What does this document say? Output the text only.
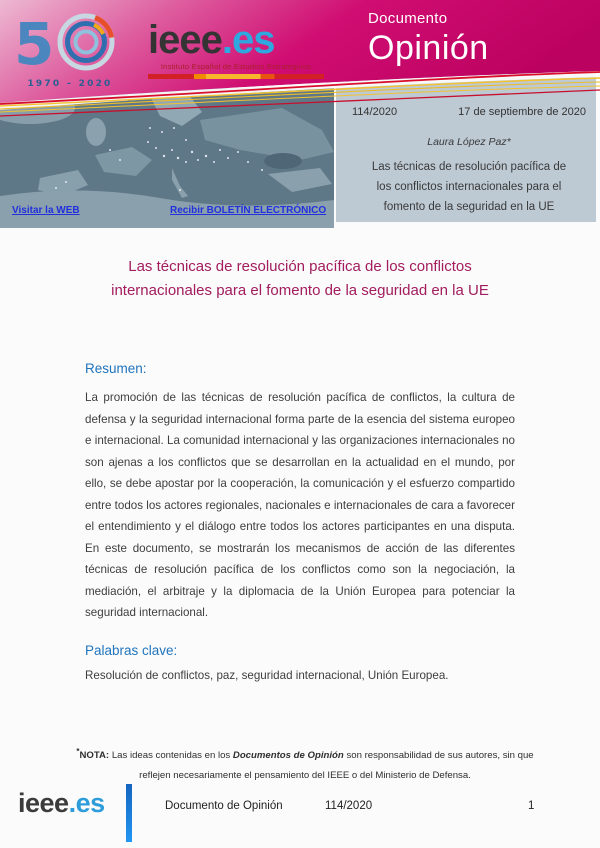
5
1970 – 2020
ieee.es
Instituto Español de Estudios Estratégicos
Documento
Opinión
Visitar la WEB	Recibir BOLETÍN ELECTRÓNICO
114/2020	17 de septiembre de 2020
Laura López Paz*
Las técnicas de resolución pacífica de
los conflictos internacionales para el
fomento de la seguridad en la UE
Las técnicas de resolución pacífica de los conflictos
internacionales para el fomento de la seguridad en la UE
Resumen:
La promoción de las técnicas de resolución pacífica de conflictos, la cultura de defensa y la seguridad internacional forma parte de la esencia del sistema europeo e internacional. La comunidad internacional y las organizaciones internacionales no son ajenas a los conflictos que se desarrollan en la actualidad en el mundo, por ello, se debe apostar por la cooperación, la comunicación y el esfuerzo compartido entre todos los actores regionales, nacionales e internacionales de cara a favorecer el entendimiento y el diálogo entre todos los actores participantes en una disputa. En este documento, se mostrarán los mecanismos de acción de las diferentes técnicas de resolución pacífica de los conflictos como son la negociación, la mediación, el arbitraje y la diplomacia de la Unión Europea para potenciar la seguridad internacional.
Palabras clave:
Resolución de conflictos, paz, seguridad internacional, Unión Europea.
*NOTA: Las ideas contenidas en los Documentos de Opinión son responsabilidad de sus autores, sin que reflejen necesariamente el pensamiento del IEEE o del Ministerio de Defensa.
ieee.es	Documento de Opinión	114/2020	1
